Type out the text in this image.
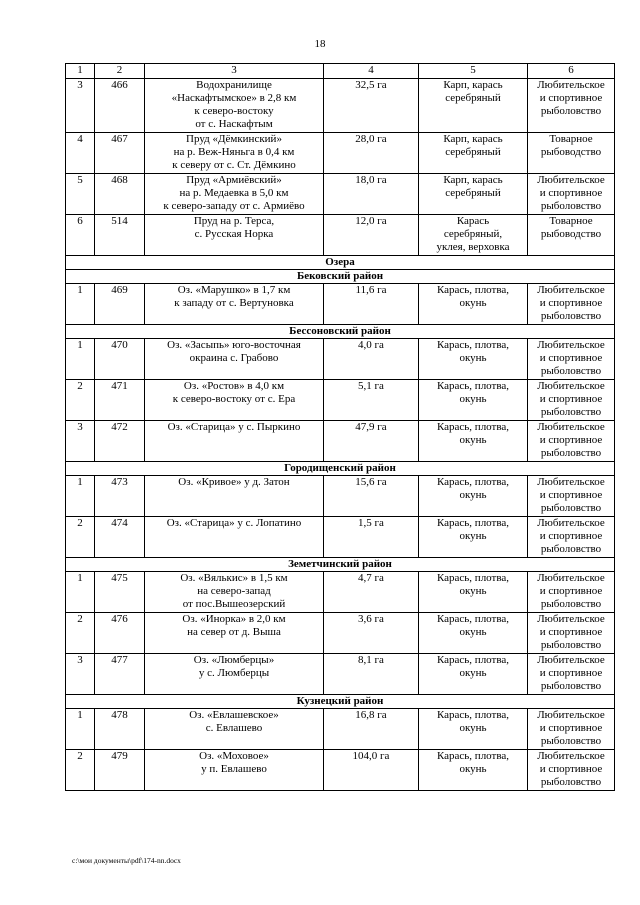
18
1	2	3	4	5	6
3	466	Водохранилище
«Наскафтымское» в 2,8 км
к северо-востоку
от с. Наскафтым	32,5 га	Карп, карась
серебряный	Любительское
и спортивное
рыболовство
4	467	Пруд «Дёмкинский»
на р. Веж-Няньга в 0,4 км
к северу от с. Ст. Дёмкино	28,0 га	Карп, карась
серебряный	Товарное
рыбоводство
5	468	Пруд «Армиёвский»
на р. Медаевка в 5,0 км
к северо-западу от с. Армиёво	18,0 га	Карп, карась
серебряный	Любительское
и спортивное
рыболовство
6	514	Пруд на р. Терса,
с. Русская Норка	12,0 га	Карась
серебряный,
уклея, верховка	Товарное
рыбоводство
Озера					
Бековский район					
1	469	Оз. «Марушко» в 1,7 км
к западу от с. Вертуновка	11,6 га	Карась, плотва,
окунь	Любительское
и спортивное
рыболовство
Бессоновский район					
1	470	Оз. «Засыпь» юго-восточная
окраина с. Грабово	4,0 га	Карась, плотва,
окунь	Любительское
и спортивное
рыболовство
2	471	Оз. «Ростов» в 4,0 км
к северо-востоку от с. Ера	5,1 га	Карась, плотва,
окунь	Любительское
и спортивное
рыболовство
3	472	Оз. «Старица» у с. Пыркино	47,9 га	Карась, плотва,
окунь	Любительское
и спортивное
рыболовство
Городищенский район					
1	473	Оз. «Кривое» у д. Затон	15,6 га	Карась, плотва,
окунь	Любительское
и спортивное
рыболовство
2	474	Оз. «Старица» у с. Лопатино	1,5 га	Карась, плотва,
окунь	Любительское
и спортивное
рыболовство
Земетчинский район					
1	475	Оз. «Вялькис» в 1,5 км
на северо-запад
от пос.Вышеозерский	4,7 га	Карась, плотва,
окунь	Любительское
и спортивное
рыболовство
2	476	Оз. «Инорка» в 2,0 км
на север от д. Выша	3,6 га	Карась, плотва,
окунь	Любительское
и спортивное
рыболовство
3	477	Оз. «Люмберцы»
у с. Люмберцы	8,1 га	Карась, плотва,
окунь	Любительское
и спортивное
рыболовство
Кузнецкий район					
1	478	Оз. «Евлашевское»
с. Евлашево	16,8 га	Карась, плотва,
окунь	Любительское
и спортивное
рыболовство
2	479	Оз. «Моховое»
у п. Евлашево	104,0 га	Карась, плотва,
окунь	Любительское
и спортивное
рыболовство
c:\мои документы\pdf\174-nn.docx
